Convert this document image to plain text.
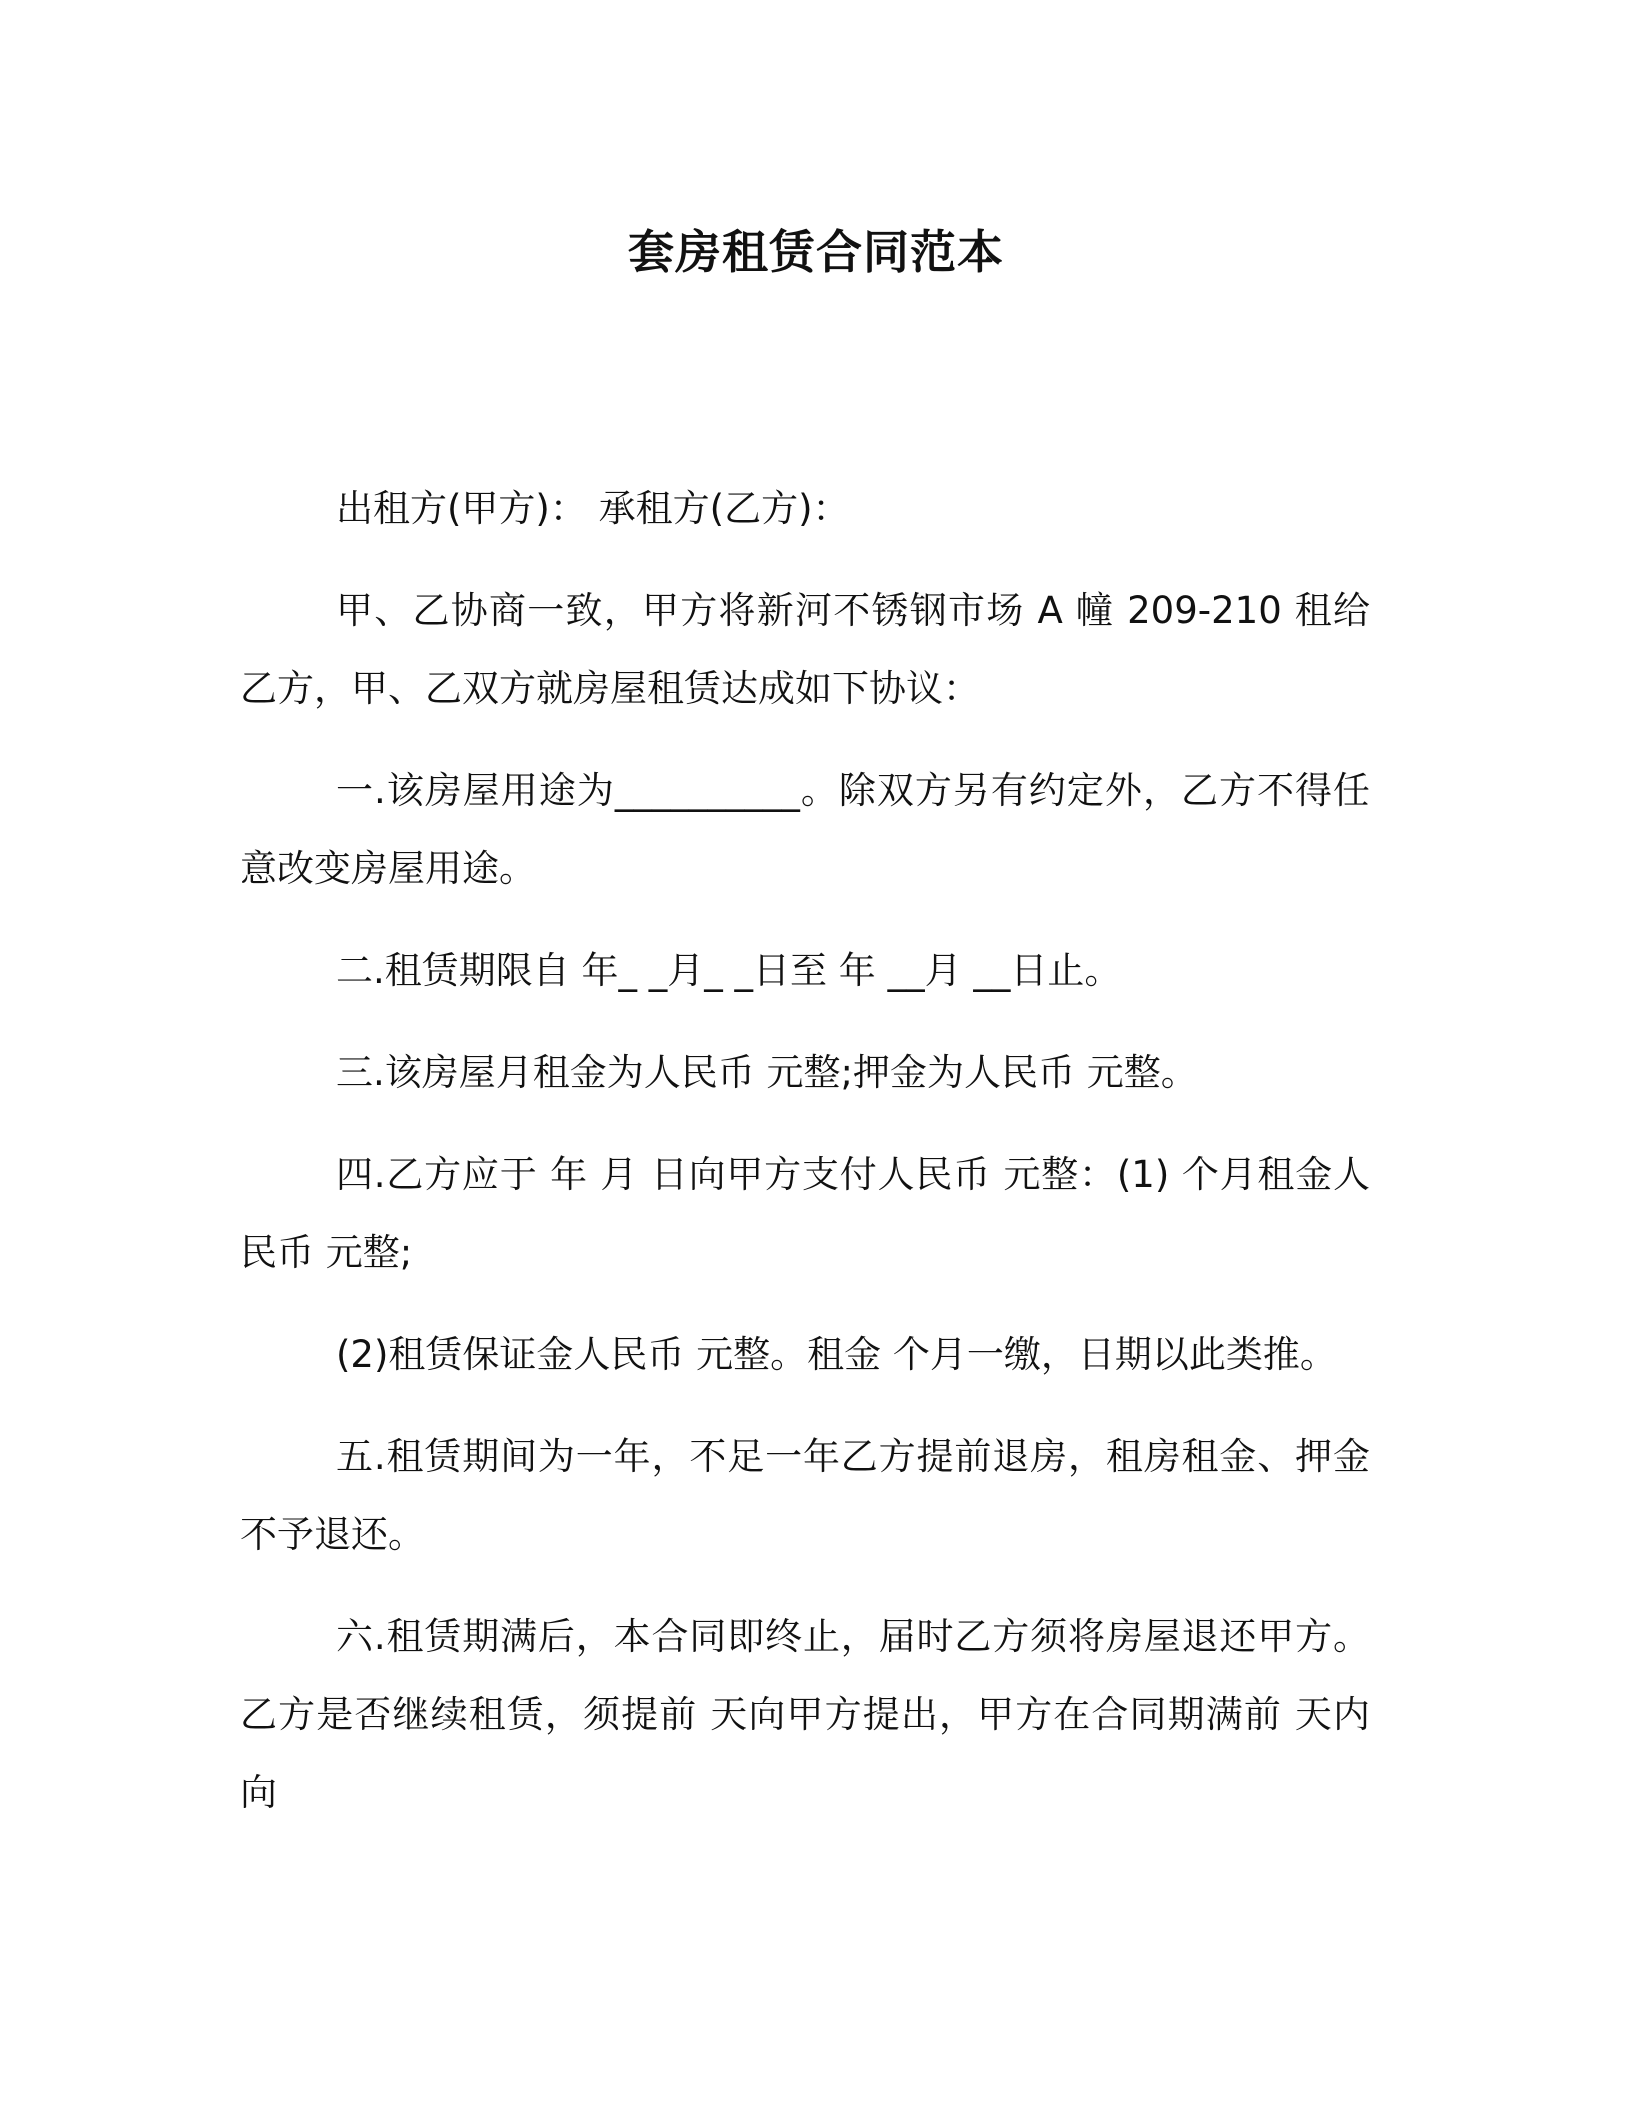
套房租赁合同范本

出租方(甲方)： 承租方(乙方)：

甲、乙协商一致，甲方将新河不锈钢市场 A 幢 209-210 租给乙方，甲、乙双方就房屋租赁达成如下协议：

一.该房屋用途为__________。除双方另有约定外，乙方不得任意改变房屋用途。

二.租赁期限自 年_ _月_ _日至 年 __月 __日止。

三.该房屋月租金为人民币 元整;押金为人民币 元整。

四.乙方应于 年 月 日向甲方支付人民币 元整：(1) 个月租金人民币 元整;

(2)租赁保证金人民币 元整。租金 个月一缴，日期以此类推。

五.租赁期间为一年，不足一年乙方提前退房，租房租金、押金不予退还。

六.租赁期满后，本合同即终止，届时乙方须将房屋退还甲方。乙方是否继续租赁，须提前 天向甲方提出，甲方在合同期满前 天内向
